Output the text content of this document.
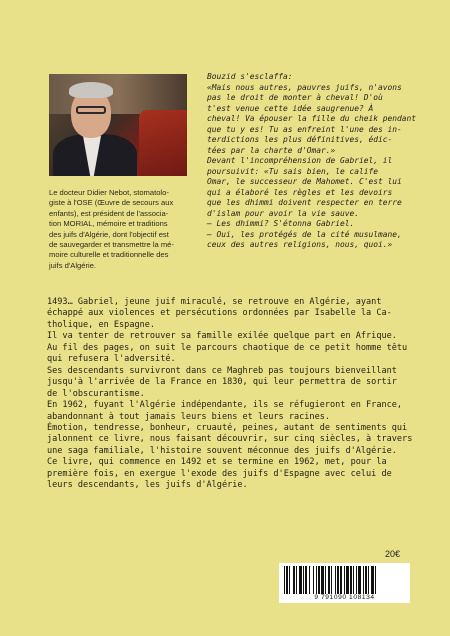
Le docteur Didier Nebot, stomatolo-
giste à l'OSE (Œuvre de secours aux
enfants), est président de l'associa-
tion MORIAL, mémoire et traditions
des juifs d'Algérie, dont l'objectif est
de sauvegarder et transmettre la mé-
moire culturelle et traditionnelle des
juifs d'Algérie.
Bouzid s'esclaffa:
«Mais nous autres, pauvres juifs, n'avons
pas le droit de monter à cheval! D'où
t'est venue cette idée saugrenue? À
cheval! Va épouser la fille du cheik pendant
que tu y es! Tu as enfreint l'une des in-
terdictions les plus définitives, édic-
tées par la charte d'Omar.»
Devant l'incompréhension de Gabriel, il
poursuivit: «Tu sais bien, le calife
Omar, le successeur de Mahomet. C'est lui
qui a élaboré les règles et les devoirs
que les dhimmi doivent respecter en terre
d'islam pour avoir la vie sauve.
– Les dhimmi? S'étonna Gabriel.
– Oui, les protégés de la cité musulmane,
ceux des autres religions, nous, quoi.»
1493… Gabriel, jeune juif miraculé, se retrouve en Algérie, ayant
échappé aux violences et persécutions ordonnées par Isabelle la Ca-
tholique, en Espagne.
Il va tenter de retrouver sa famille exilée quelque part en Afrique.
Au fil des pages, on suit le parcours chaotique de ce petit homme têtu
qui refusera l'adversité.
Ses descendants survivront dans ce Maghreb pas toujours bienveillant
jusqu'à l'arrivée de la France en 1830, qui leur permettra de sortir
de l'obscurantisme.
En 1962, fuyant l'Algérie indépendante, ils se réfugieront en France,
abandonnant à tout jamais leurs biens et leurs racines.
Émotion, tendresse, bonheur, cruauté, peines, autant de sentiments qui
jalonnent ce livre, nous faisant découvrir, sur cinq siècles, à travers
une saga familiale, l'histoire souvent méconnue des juifs d'Algérie.
Ce livre, qui commence en 1492 et se termine en 1962, met, pour la
première fois, en exergue l'exode des juifs d'Espagne avec celui de
leurs descendants, les juifs d'Algérie.
20€
9 791090 108134
